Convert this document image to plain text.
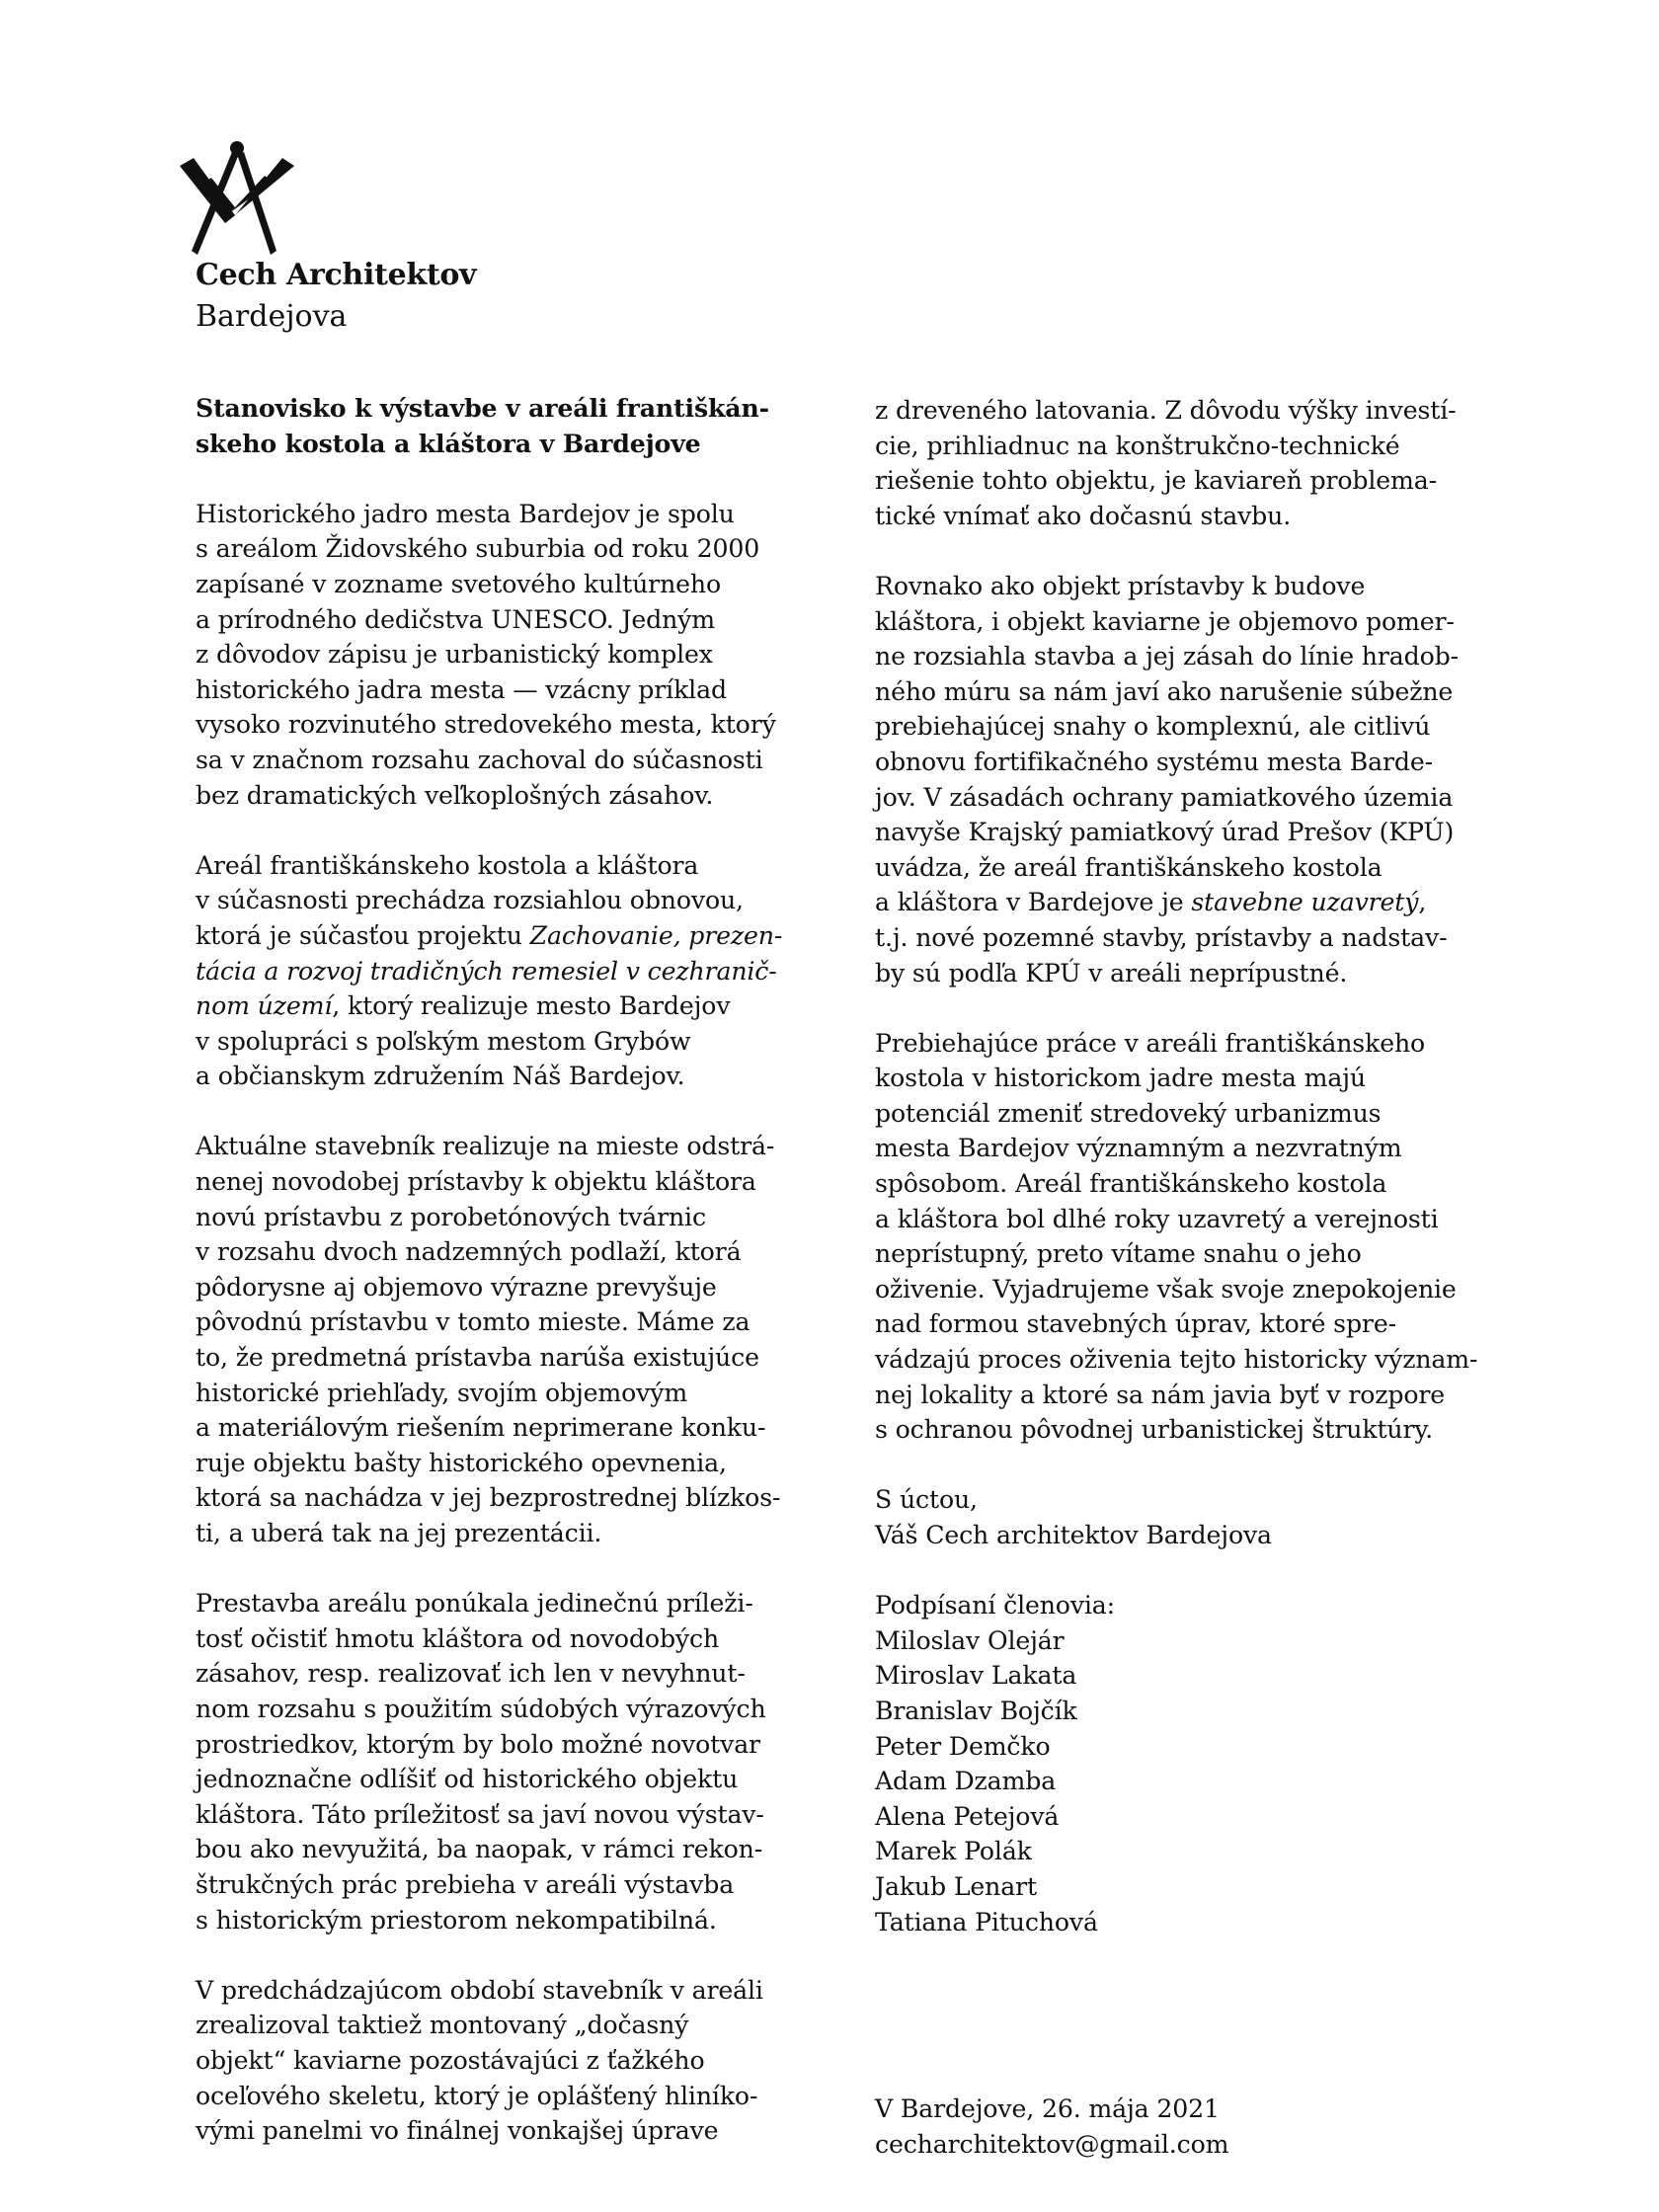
Cech Architektov
Bardejova
Stanovisko k výstavbe v areáli františkán-
skeho kostola a kláštora v Bardejove
Historického jadro mesta Bardejov je spolu
s areálom Židovského suburbia od roku 2000
zapísané v zozname svetového kultúrneho
a prírodného dedičstva UNESCO. Jedným
z dôvodov zápisu je urbanistický komplex
historického jadra mesta — vzácny príklad
vysoko rozvinutého stredovekého mesta, ktorý
sa v značnom rozsahu zachoval do súčasnosti
bez dramatických veľkoplošných zásahov.
Areál františkánskeho kostola a kláštora
v súčasnosti prechádza rozsiahlou obnovou,
ktorá je súčasťou projektu Zachovanie, prezen-
tácia a rozvoj tradičných remesiel v cezhranič-
nom území, ktorý realizuje mesto Bardejov
v spolupráci s poľským mestom Grybów
a občianskym združením Náš Bardejov.
Aktuálne stavebník realizuje na mieste odstrá-
nenej novodobej prístavby k objektu kláštora
novú prístavbu z porobetónových tvárnic
v rozsahu dvoch nadzemných podlaží, ktorá
pôdorysne aj objemovo výrazne prevyšuje
pôvodnú prístavbu v tomto mieste. Máme za
to, že predmetná prístavba narúša existujúce
historické priehľady, svojím objemovým
a materiálovým riešením neprimerane konku-
ruje objektu bašty historického opevnenia,
ktorá sa nachádza v jej bezprostrednej blízkos-
ti, a uberá tak na jej prezentácii.
Prestavba areálu ponúkala jedinečnú príleži-
tosť očistiť hmotu kláštora od novodobých
zásahov, resp. realizovať ich len v nevyhnut-
nom rozsahu s použitím súdobých výrazových
prostriedkov, ktorým by bolo možné novotvar
jednoznačne odlíšiť od historického objektu
kláštora. Táto príležitosť sa javí novou výstav-
bou ako nevyužitá, ba naopak, v rámci rekon-
štrukčných prác prebieha v areáli výstavba
s historickým priestorom nekompatibilná.
V predchádzajúcom období stavebník v areáli
zrealizoval taktiež montovaný „dočasný
objekt“ kaviarne pozostávajúci z ťažkého
oceľového skeletu, ktorý je oplášťený hliníko-
vými panelmi vo finálnej vonkajšej úprave
z dreveného latovania. Z dôvodu výšky investí-
cie, prihliadnuc na konštrukčno-technické
riešenie tohto objektu, je kaviareň problema-
tické vnímať ako dočasnú stavbu.
Rovnako ako objekt prístavby k budove
kláštora, i objekt kaviarne je objemovo pomer-
ne rozsiahla stavba a jej zásah do línie hradob-
ného múru sa nám javí ako narušenie súbežne
prebiehajúcej snahy o komplexnú, ale citlivú
obnovu fortifikačného systému mesta Barde-
jov. V zásadách ochrany pamiatkového územia
navyše Krajský pamiatkový úrad Prešov (KPÚ)
uvádza, že areál františkánskeho kostola
a kláštora v Bardejove je stavebne uzavretý,
t.j. nové pozemné stavby, prístavby a nadstav-
by sú podľa KPÚ v areáli neprípustné.
Prebiehajúce práce v areáli františkánskeho
kostola v historickom jadre mesta majú
potenciál zmeniť stredoveký urbanizmus
mesta Bardejov významným a nezvratným
spôsobom. Areál františkánskeho kostola
a kláštora bol dlhé roky uzavretý a verejnosti
neprístupný, preto vítame snahu o jeho
oživenie. Vyjadrujeme však svoje znepokojenie
nad formou stavebných úprav, ktoré spre-
vádzajú proces oživenia tejto historicky význam-
nej lokality a ktoré sa nám javia byť v rozpore
s ochranou pôvodnej urbanistickej štruktúry.
S úctou,
Váš Cech architektov Bardejova
Podpísaní členovia:
Miloslav Olejár
Miroslav Lakata
Branislav Bojčík
Peter Demčko
Adam Dzamba
Alena Petejová
Marek Polák
Jakub Lenart
Tatiana Pituchová
V Bardejove, 26. mája 2021
cecharchitektov@gmail.com
